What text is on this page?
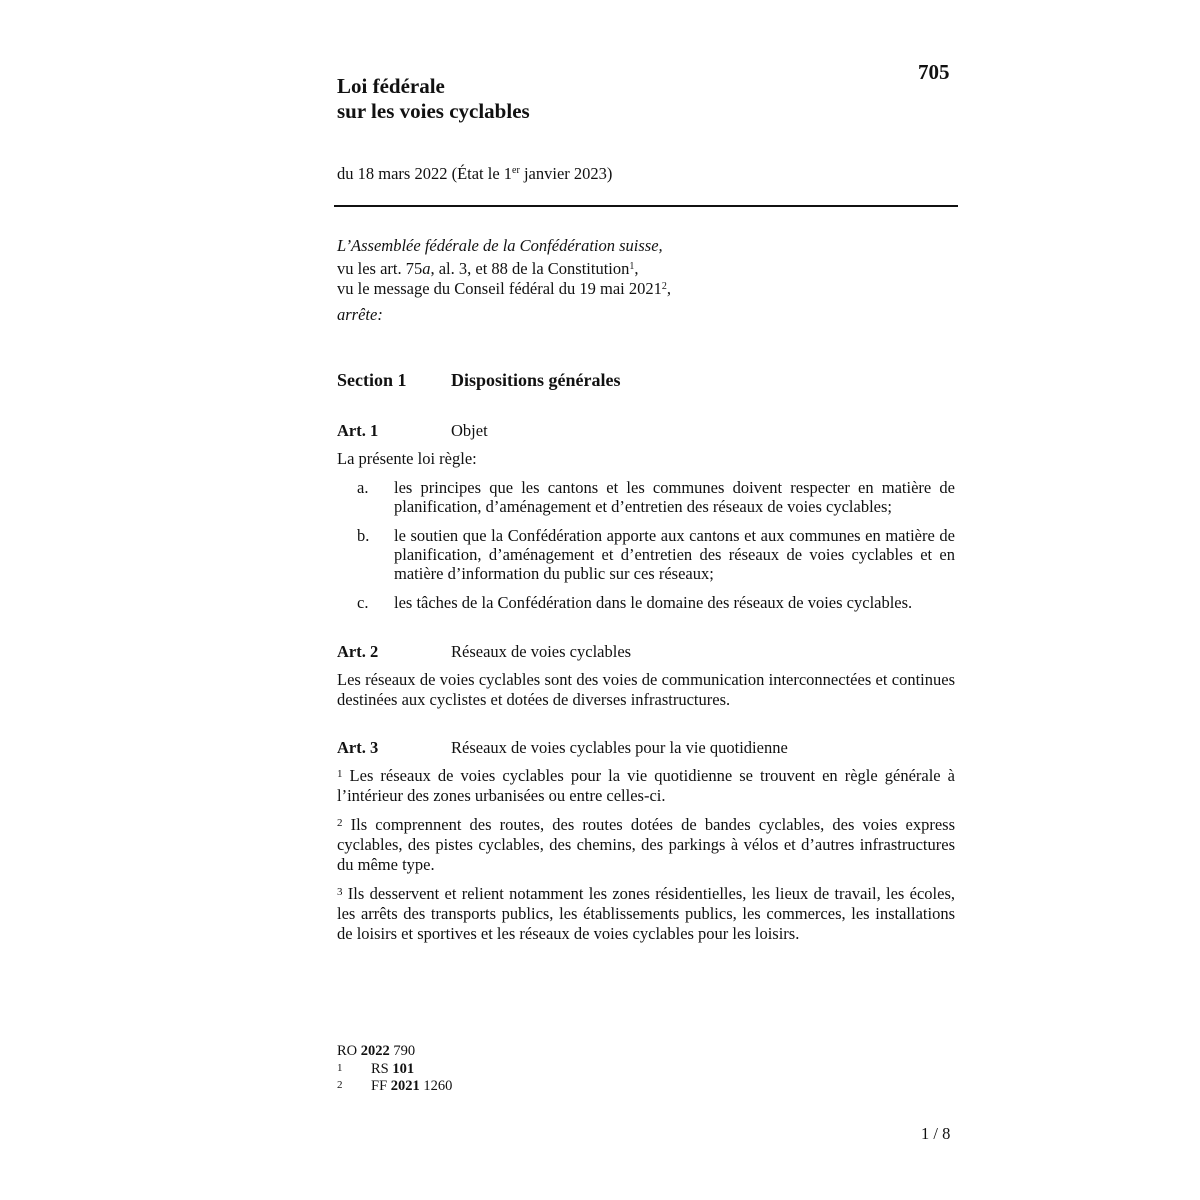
705
Loi fédérale
sur les voies cyclables
du 18 mars 2022 (État le 1er janvier 2023)
L’Assemblée fédérale de la Confédération suisse,
vu les art. 75a, al. 3, et 88 de la Constitution$^1$,
vu le message du Conseil fédéral du 19 mai 2021$^2$,
arrête:
Section 1 Dispositions générales
Art. 1	Objet
La présente loi règle:
a.	les principes que les cantons et les communes doivent respecter en matière de planification, d’aménagement et d’entretien des réseaux de voies cyclables;
b.	le soutien que la Confédération apporte aux cantons et aux communes en matière de planification, d’aménagement et d’entretien des réseaux de voies cyclables et en matière d’information du public sur ces réseaux;
c.	les tâches de la Confédération dans le domaine des réseaux de voies cyclables.
Art. 2	Réseaux de voies cyclables
Les réseaux de voies cyclables sont des voies de communication interconnectées et continues destinées aux cyclistes et dotées de diverses infrastructures.
Art. 3	Réseaux de voies cyclables pour la vie quotidienne
$^1$ Les réseaux de voies cyclables pour la vie quotidienne se trouvent en règle générale à l’intérieur des zones urbanisées ou entre celles-ci.
$^2$ Ils comprennent des routes, des routes dotées de bandes cyclables, des voies express cyclables, des pistes cyclables, des chemins, des parkings à vélos et d’autres infrastructures du même type.
$^3$ Ils desservent et relient notamment les zones résidentielles, les lieux de travail, les écoles, les arrêts des transports publics, les établissements publics, les commerces, les installations de loisirs et sportives et les réseaux de voies cyclables pour les loisirs.
RO 2022 790
1	RS 101
2	FF 2021 1260
1 / 8
